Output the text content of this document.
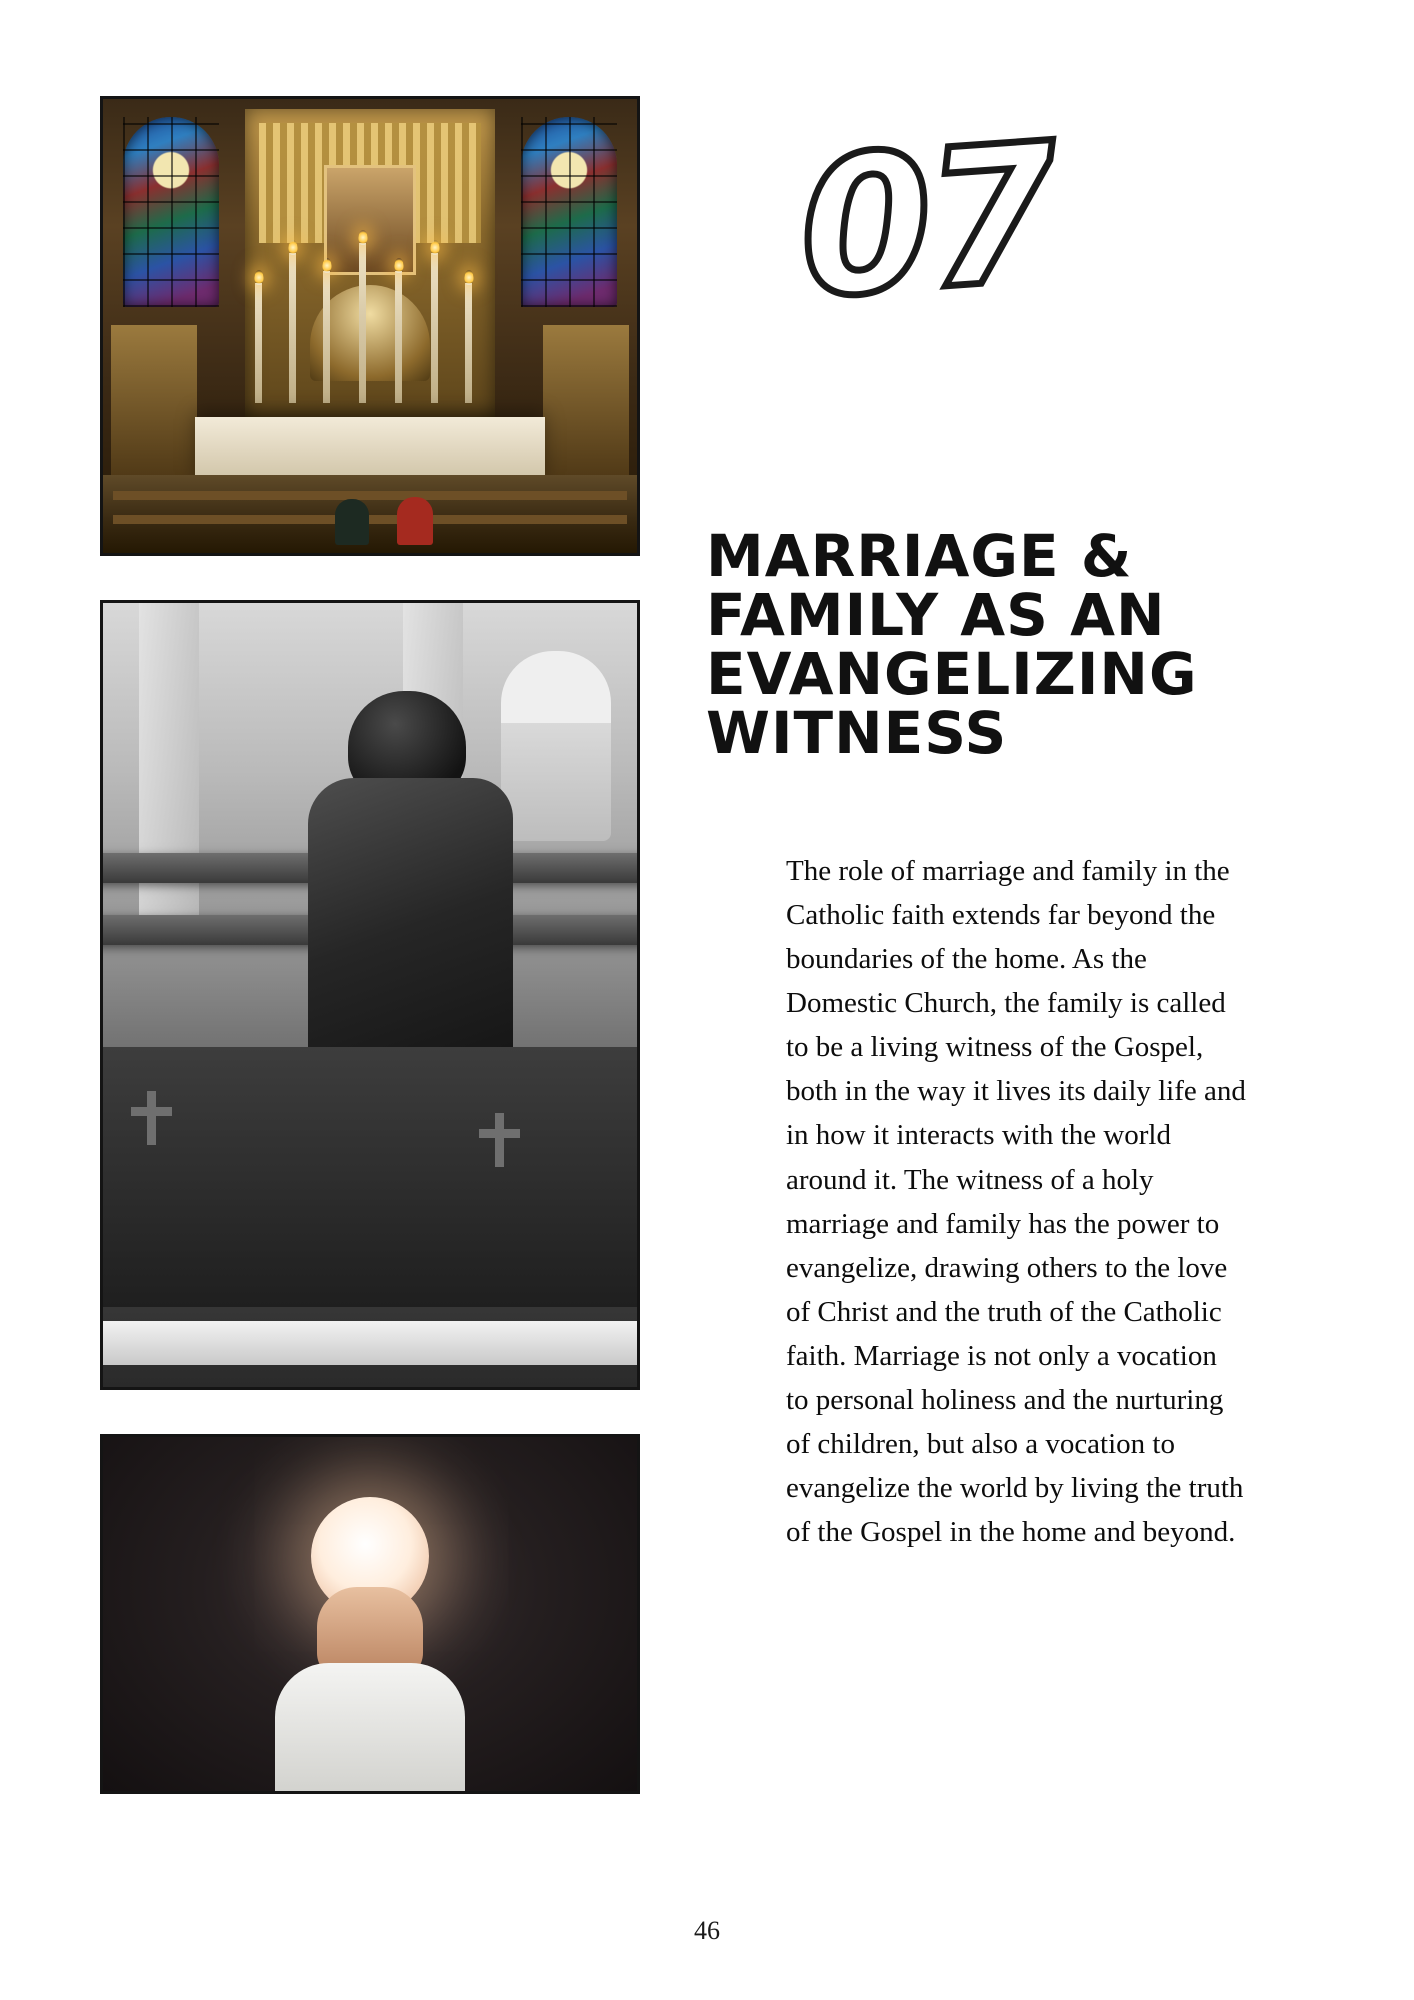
07
MARRIAGE & FAMILY AS AN EVANGELIZING WITNESS

The role of marriage and family in the Catholic faith extends far beyond the boundaries of the home. As the Domestic Church, the family is called to be a living witness of the Gospel, both in the way it lives its daily life and in how it interacts with the world around it. The witness of a holy marriage and family has the power to evangelize, drawing others to the love of Christ and the truth of the Catholic faith. Marriage is not only a vocation to personal holiness and the nurturing of children, but also a vocation to evangelize the world by living the truth of the Gospel in the home and beyond.

46
